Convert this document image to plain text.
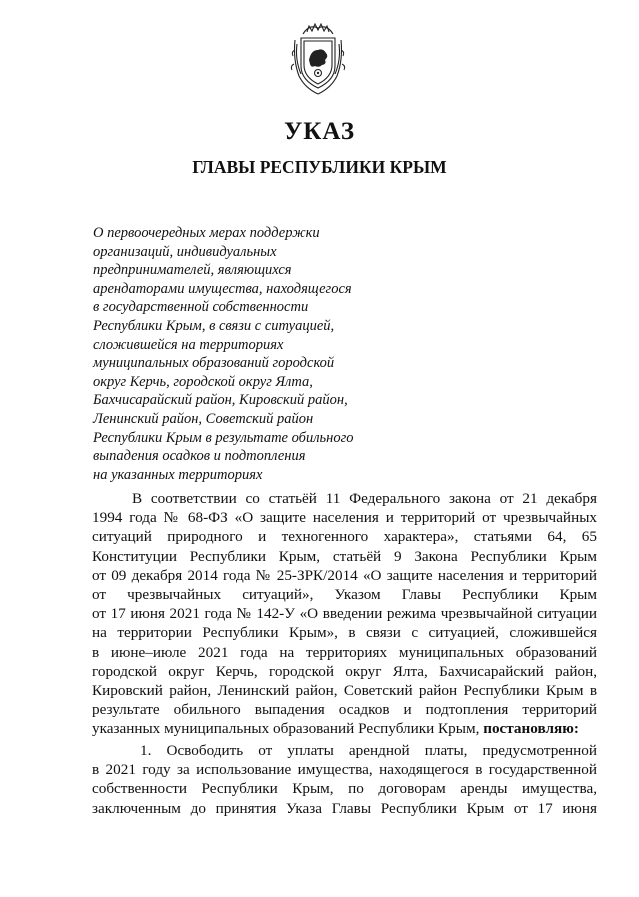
УКАЗ
ГЛАВЫ РЕСПУБЛИКИ КРЫМ
О первоочередных мерах поддержки
организаций, индивидуальных
предпринимателей, являющихся
арендаторами имущества, находящегося
в государственной собственности
Республики Крым, в связи с ситуацией,
сложившейся на территориях
муниципальных образований городской
округ Керчь, городской округ Ялта,
Бахчисарайский район, Кировский район,
Ленинский район, Советский район
Республики Крым в результате обильного
выпадения осадков и подтопления
на указанных территориях
В соответствии со статьёй 11 Федерального закона от 21 декабря
1994 года № 68-ФЗ «О защите населения и территорий от чрезвычайных
ситуаций природного и техногенного характера», статьями 64, 65
Конституции Республики Крым, статьёй 9 Закона Республики Крым
от 09 декабря 2014 года № 25-ЗРК/2014 «О защите населения и территорий
от чрезвычайных ситуаций», Указом Главы Республики Крым
от 17 июня 2021 года № 142-У «О введении режима чрезвычайной ситуации
на территории Республики Крым», в связи с ситуацией, сложившейся
в июне–июле 2021 года на территориях муниципальных образований
городской округ Керчь, городской округ Ялта, Бахчисарайский район,
Кировский район, Ленинский район, Советский район Республики Крым в
результате обильного выпадения осадков и подтопления территорий
указанных муниципальных образований Республики Крым, постановляю:
1. Освободить от уплаты арендной платы, предусмотренной
в 2021 году за использование имущества, находящегося в государственной
собственности Республики Крым, по договорам аренды имущества,
заключенным до принятия Указа Главы Республики Крым от 17 июня
